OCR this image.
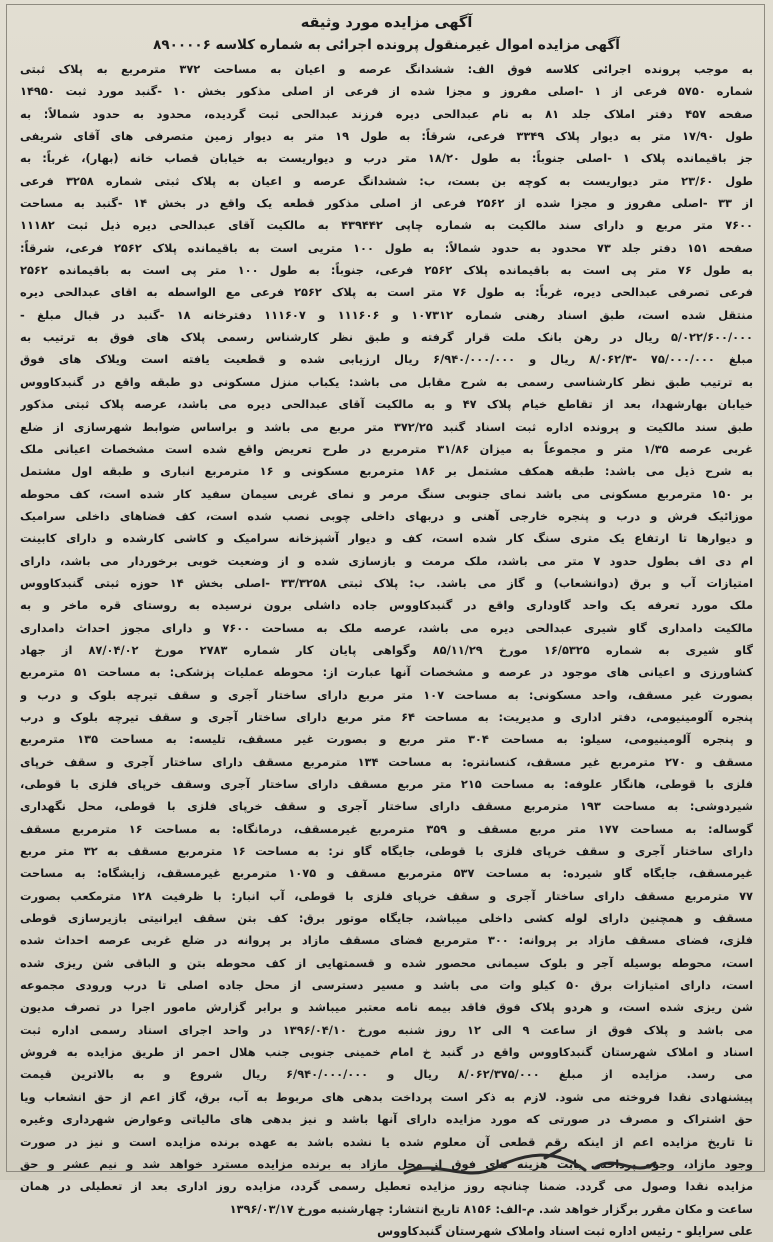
آگهی مزایده مورد وثیقه

آگهی مزایده اموال غیرمنقول پرونده اجرائی به شماره کلاسه ۸۹۰۰۰۰۶

به موجب پرونده اجرائی کلاسه فوق الف: ششدانگ عرصه و اعیان به مساحت ۳۷۲ مترمربع به پلاک ثبتی

شماره ۵۷۵۰ فرعی از ۱ -اصلی مفروز و مجزا شده از فرعی از اصلی مذکور بخش ۱۰ -گنبد مورد ثبت ۱۴۹۵۰

صفحه ۴۵۷ دفتر املاک جلد ۸۱ به نام عبدالحی دیره فرزند عبدالحی ثبت گردیده، محدود به حدود شمالاً: به

طول ۱۷/۹۰ متر به دیوار پلاک ۳۳۴۹ فرعی، شرقاً: به طول ۱۹ متر به دیوار زمین متصرفی های آقای شریفی

جز باقیمانده پلاک ۱ -اصلی جنوباً: به طول ۱۸/۲۰ متر درب و دیواریست به خیابان قصاب خانه (بهار)، غرباً: به

طول ۲۳/۶۰ متر دیواریست به کوچه بن بست، ب: ششدانگ عرصه و اعیان به پلاک ثبتی شماره ۳۲۵۸ فرعی

از ۳۳ -اصلی مفروز و مجزا شده از ۲۵۶۲ فرعی از اصلی مذکور قطعه یک واقع در بخش ۱۴ -گنبد به مساحت

۷۶۰۰ متر مربع و دارای سند مالکیت به شماره چاپی ۴۳۹۴۴۲ به مالکیت آقای عبدالحی دیره ذیل ثبت ۱۱۱۸۲

صفحه ۱۵۱ دفتر جلد ۷۳ محدود به حدود شمالاً: به طول ۱۰۰ متریی است به باقیمانده پلاک ۲۵۶۲ فرعی، شرقاً:

به طول ۷۶ متر پی است به باقیمانده پلاک ۲۵۶۲ فرعی، جنوباً: به طول ۱۰۰ متر پی است به باقیمانده ۲۵۶۲

فرعی تصرفی عبدالحی دیره، غرباً: به طول ۷۶ متر است به پلاک ۲۵۶۲ فرعی مع الواسطه به اقای عبدالحی دیره

منتقل شده است، طبق اسناد رهنی شماره ۱۰۷۳۱۲ و ۱۱۱۶۰۶ و ۱۱۱۶۰۷ دفترخانه ۱۸ -گنبد در قبال مبلغ -

۵/۰۲۲/۶۰۰/۰۰۰ ریال در رهن بانک ملت قرار گرفته و طبق نظر کارشناس رسمی پلاک های فوق به ترتیب به

مبلغ ۷۵/۰۰۰/۰۰۰ -۸/۰۶۲/۳ ریال و ۶/۹۴۰/۰۰۰/۰۰۰ ریال ارزیابی شده و قطعیت یافته است ویلاک های فوق

به ترتیب طبق نظر کارشناسی رسمی به شرح مقابل می باشد: یکباب منزل مسکونی دو طبقه واقع در گنبدکاووس

خیابان بهارشهدا، بعد از تقاطع خیام پلاک ۴۷ و به مالکیت آقای عبدالحی دیره می باشد، عرصه پلاک ثبتی مذکور

طبق سند مالکیت و پرونده اداره ثبت اسناد گنبد ۳۷۲/۲۵ متر مربع می باشد و براساس ضوابط شهرسازی از ضلع

غربی عرصه ۱/۳۵ متر و مجموعاً به میزان ۳۱/۸۶ مترمربع در طرح تعریض واقع شده است مشخصات اعیانی ملک

به شرح ذیل می باشد: طبقه همکف مشتمل بر ۱۸۶ مترمربع مسکونی و ۱۶ مترمربع انباری و طبقه اول مشتمل

بر ۱۵۰ مترمربع مسکونی می باشد نمای جنوبی سنگ مرمر و نمای غربی سیمان سفید کار شده است، کف محوطه

موزائیک فرش و درب و پنجره خارجی آهنی و دربهای داخلی چوبی نصب شده است، کف فضاهای داخلی سرامیک

و دیوارها تا ارتفاع یک متری سنگ کار شده است، کف و دیوار آشپزخانه سرامیک و کاشی کارشده و دارای کابینت

ام دی اف بطول حدود ۷ متر می باشد، ملک مرمت و بازسازی شده و از وضعیت خوبی برخوردار می باشد، دارای

امتیازات آب و برق (دوانشعاب) و گاز می باشد. ب: پلاک ثبتی ۳۳/۳۲۵۸ -اصلی بخش ۱۴ حوزه ثبتی گنبدکاووس

ملک مورد تعرفه یک واحد گاوداری واقع در گنبدکاووس جاده داشلی برون نرسیده به روستای قره ماخر و به

مالکیت دامداری گاو شیری عبدالحی دیره می باشد، عرصه ملک به مساحت ۷۶۰۰ و دارای مجوز احداث دامداری

گاو شیری به شماره ۱۶/۵۳۲۵ مورخ ۸۵/۱۱/۲۹ وگواهی پایان کار شماره ۲۷۸۳ مورخ ۸۷/۰۴/۰۲ از جهاد

کشاورزی و اعیانی های موجود در عرصه و مشخصات آنها عبارت از: محوطه عملیات پزشکی: به مساحت ۵۱ مترمربع

بصورت غیر مسقف، واحد مسکونی: به مساحت ۱۰۷ متر مربع دارای ساختار آجری و سقف تیرچه بلوک و درب و

پنجره آلومینیومی، دفتر اداری و مدیریت: به مساحت ۶۴ متر مربع دارای ساختار آجری و سقف تیرچه بلوک و درب

و پنجره آلومینیومی، سیلو: به مساحت ۳۰۴ متر مربع و بصورت غیر مسقف، تلیسه: به مساحت ۱۳۵ مترمربع

مسقف و ۲۷۰ مترمربع غیر مسقف، کنسانتره: به مساحت ۱۳۴ مترمربع مسقف دارای ساختار آجری و سقف خرپای

فلزی با قوطی، هانگار علوفه: به مساحت ۲۱۵ متر مربع مسقف دارای ساختار آجری وسقف خرپای فلزی با قوطی،

شیردوشی: به مساحت ۱۹۳ مترمربع مسقف دارای ساختار آجری و سقف خرپای فلزی با قوطی، محل نگهداری

گوساله: به مساحت ۱۷۷ متر مربع مسقف و ۳۵۹ مترمربع غیرمسقف، درمانگاه: به مساحت ۱۶ مترمربع مسقف

دارای ساختار آجری و سقف خرپای فلزی با قوطی، جایگاه گاو نر: به مساحت ۱۶ مترمربع مسقف به ۳۲ متر مربع

غیرمسقف، جایگاه گاو شیرده: به مساحت ۵۳۷ مترمربع مسقف و ۱۰۷۵ مترمربع غیرمسقف، زایشگاه: به مساحت

۷۷ مترمربع مسقف دارای ساختار آجری و سقف خرپای فلزی با قوطی، آب انبار: با ظرفیت ۱۲۸ مترمکعب بصورت

مسقف و همچنین دارای لوله کشی داخلی میباشد، جایگاه موتور برق: کف بتن سقف ایرانیتی بازیرسازی قوطی

فلزی، فضای مسقف مازاد بر پروانه: ۳۰۰ مترمربع فضای مسقف مازاد بر پروانه در ضلع غربی عرصه احداث شده

است، محوطه بوسیله آجر و بلوک سیمانی محصور شده و قسمتهایی از کف محوطه بتن و الباقی شن ریزی شده

است، دارای امتیازات برق ۵۰ کیلو وات می باشد و مسیر دسترسی از محل جاده اصلی تا درب ورودی مجموعه

شن ریزی شده است، و هردو پلاک فوق فاقد بیمه نامه معتبر میباشد و برابر گزارش مامور اجرا در تصرف مدیون

می باشد و پلاک فوق از ساعت ۹ الی ۱۲ روز شنبه مورخ ۱۳۹۶/۰۴/۱۰ در واحد اجرای اسناد رسمی اداره ثبت

اسناد و املاک شهرستان گنبدکاووس واقع در گنبد خ امام خمینی جنوبی جنب هلال احمر از طریق مزایده به فروش

می رسد. مزایده از مبلغ ۸/۰۶۲/۳۷۵/۰۰۰ ریال و ۶/۹۴۰/۰۰۰/۰۰۰ ریال شروع و به بالاترین قیمت

پیشنهادی نقدا فروخته می شود. لازم به ذکر است پرداخت بدهی های مربوط به آب، برق، گاز اعم از حق انشعاب ویا

حق اشتراک و مصرف در صورتی که مورد مزایده دارای آنها باشد و نیز بدهی های مالیاتی وعوارض شهرداری وغیره

تا تاریخ مزایده اعم از اینکه رقم قطعی آن معلوم شده یا نشده باشد به عهده برنده مزایده است و نیز در صورت

وجود مازاد، وجوه پرداختی بابت هزینه های فوق از محل مازاد به برنده مزایده مسترد خواهد شد و نیم عشر و حق

مزایده نقدا وصول می گردد. ضمنا چنانچه روز مزایده تعطیل رسمی گردد، مزایده روز اداری بعد از تعطیلی در همان

ساعت و مکان مقرر برگزار خواهد شد. م-الف: ۸۱۵۶ تاریخ انتشار: چهارشنبه مورخ ۱۳۹۶/۰۳/۱۷

علی سرایلو - رئیس اداره ثبت اسناد واملاک شهرستان گنبدکاووس
